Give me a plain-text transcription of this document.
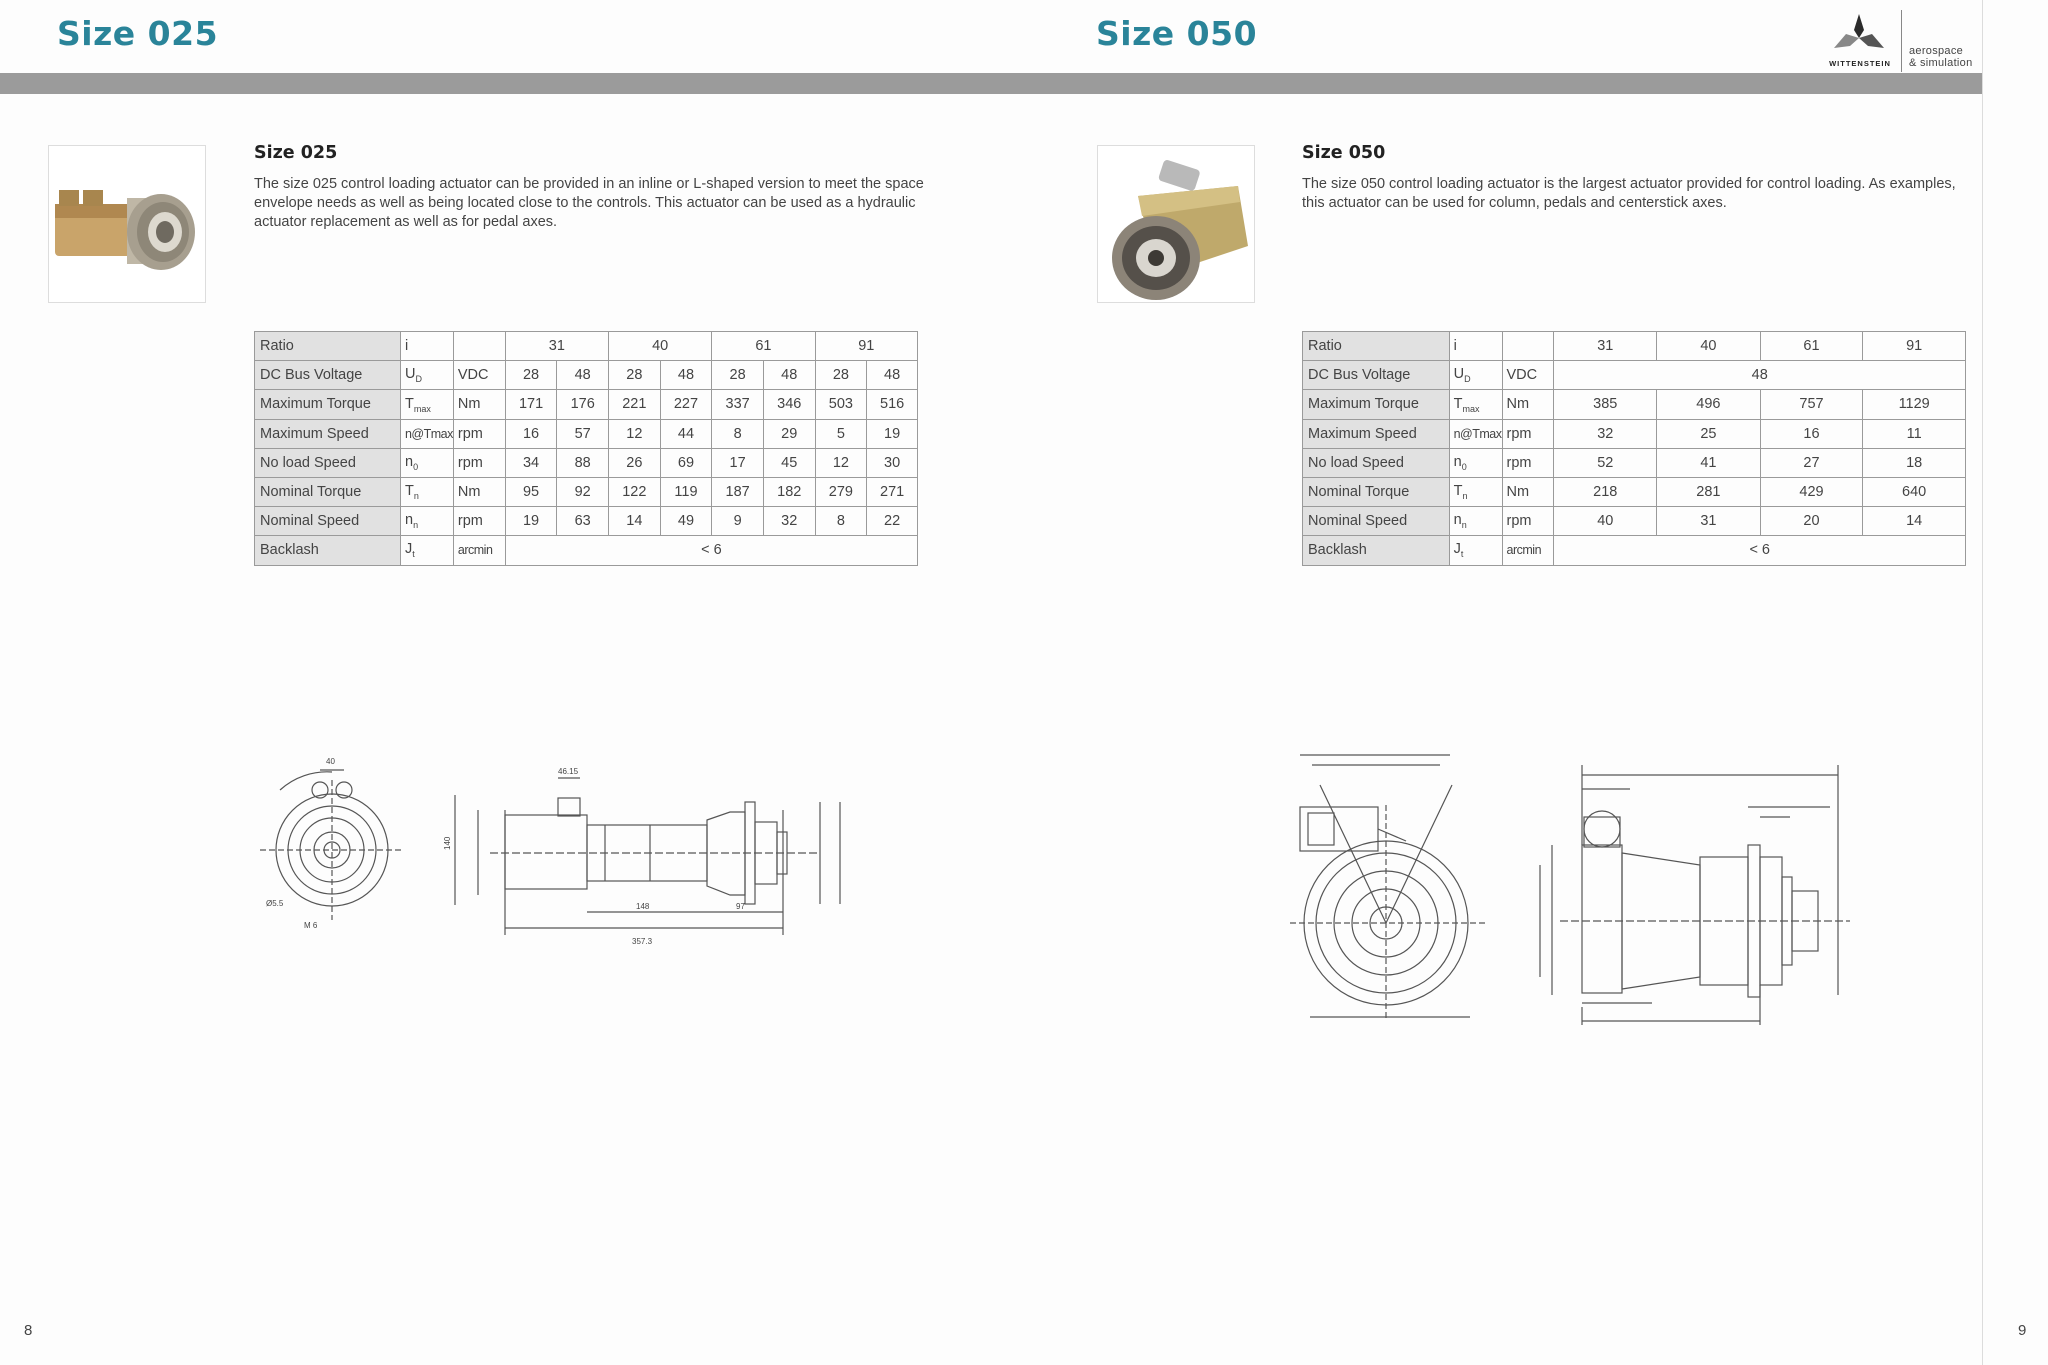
Size 025	Size 050
WITTENSTEIN
aerospace
& simulation
Size 025
The size 025 control loading actuator can be provided in an inline or L-shaped version to meet the space envelope needs as well as being located close to the controls. This actuator can be used as a hydraulic actuator replacement as well as for pedal axes.
Ratio	i		31		40		61		91	
DC Bus Voltage	$U_D$	VDC	28	48	28	48	28	48	28	48
Maximum Torque	$T_{max}$	Nm	171	176	221	227	337	346	503	516
Maximum Speed	n@Tmax	rpm	16	57	12	44	8	29	5	19
No load Speed	$n_0$	rpm	34	88	26	69	17	45	12	30
Nominal Torque	$T_n$	Nm	95	92	122	119	187	182	279	271
Nominal Speed	$n_n$	rpm	19	63	14	49	9	32	8	22
Backlash	$J_t$	arcmin	< 6							
40
46.15
148
357.3
97
140
Ø5.5
M 6
8
Size 050
The size 050 control loading actuator is the largest actuator provided for control loading. As examples, this actuator can be used for column, pedals and centerstick axes.
Ratio	i		31	40	61	91
DC Bus Voltage	$U_D$	VDC	48			
Maximum Torque	$T_{max}$	Nm	385	496	757	1129
Maximum Speed	n@Tmax	rpm	32	25	16	11
No load Speed	$n_0$	rpm	52	41	27	18
Nominal Torque	$T_n$	Nm	218	281	429	640
Nominal Speed	$n_n$	rpm	40	31	20	14
Backlash	$J_t$	arcmin	< 6			
9
